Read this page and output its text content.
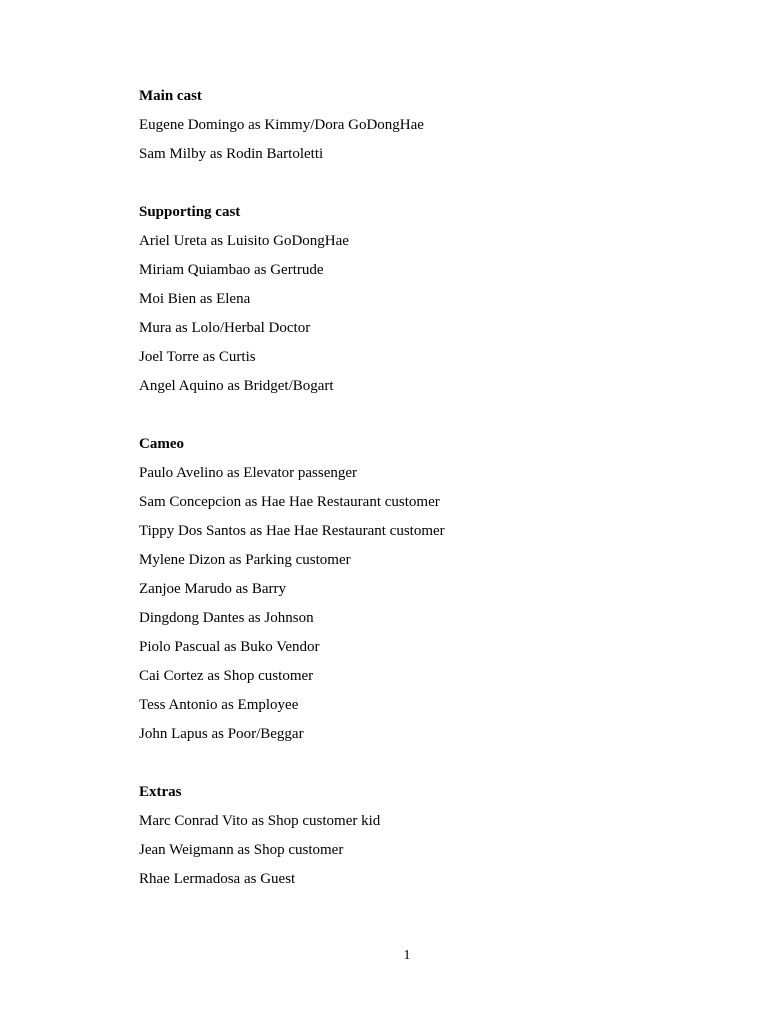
Main cast
Eugene Domingo as Kimmy/Dora GoDongHae
Sam Milby as Rodin Bartoletti
Supporting cast
Ariel Ureta as Luisito GoDongHae
Miriam Quiambao as Gertrude
Moi Bien as Elena
Mura as Lolo/Herbal Doctor
Joel Torre as Curtis
Angel Aquino as Bridget/Bogart
Cameo
Paulo Avelino as Elevator passenger
Sam Concepcion as Hae Hae Restaurant customer
Tippy Dos Santos as Hae Hae Restaurant customer
Mylene Dizon as Parking customer
Zanjoe Marudo as Barry
Dingdong Dantes as Johnson
Piolo Pascual as Buko Vendor
Cai Cortez as Shop customer
Tess Antonio as Employee
John Lapus as Poor/Beggar
Extras
Marc Conrad Vito as Shop customer kid
Jean Weigmann as Shop customer
Rhae Lermadosa as Guest
1
